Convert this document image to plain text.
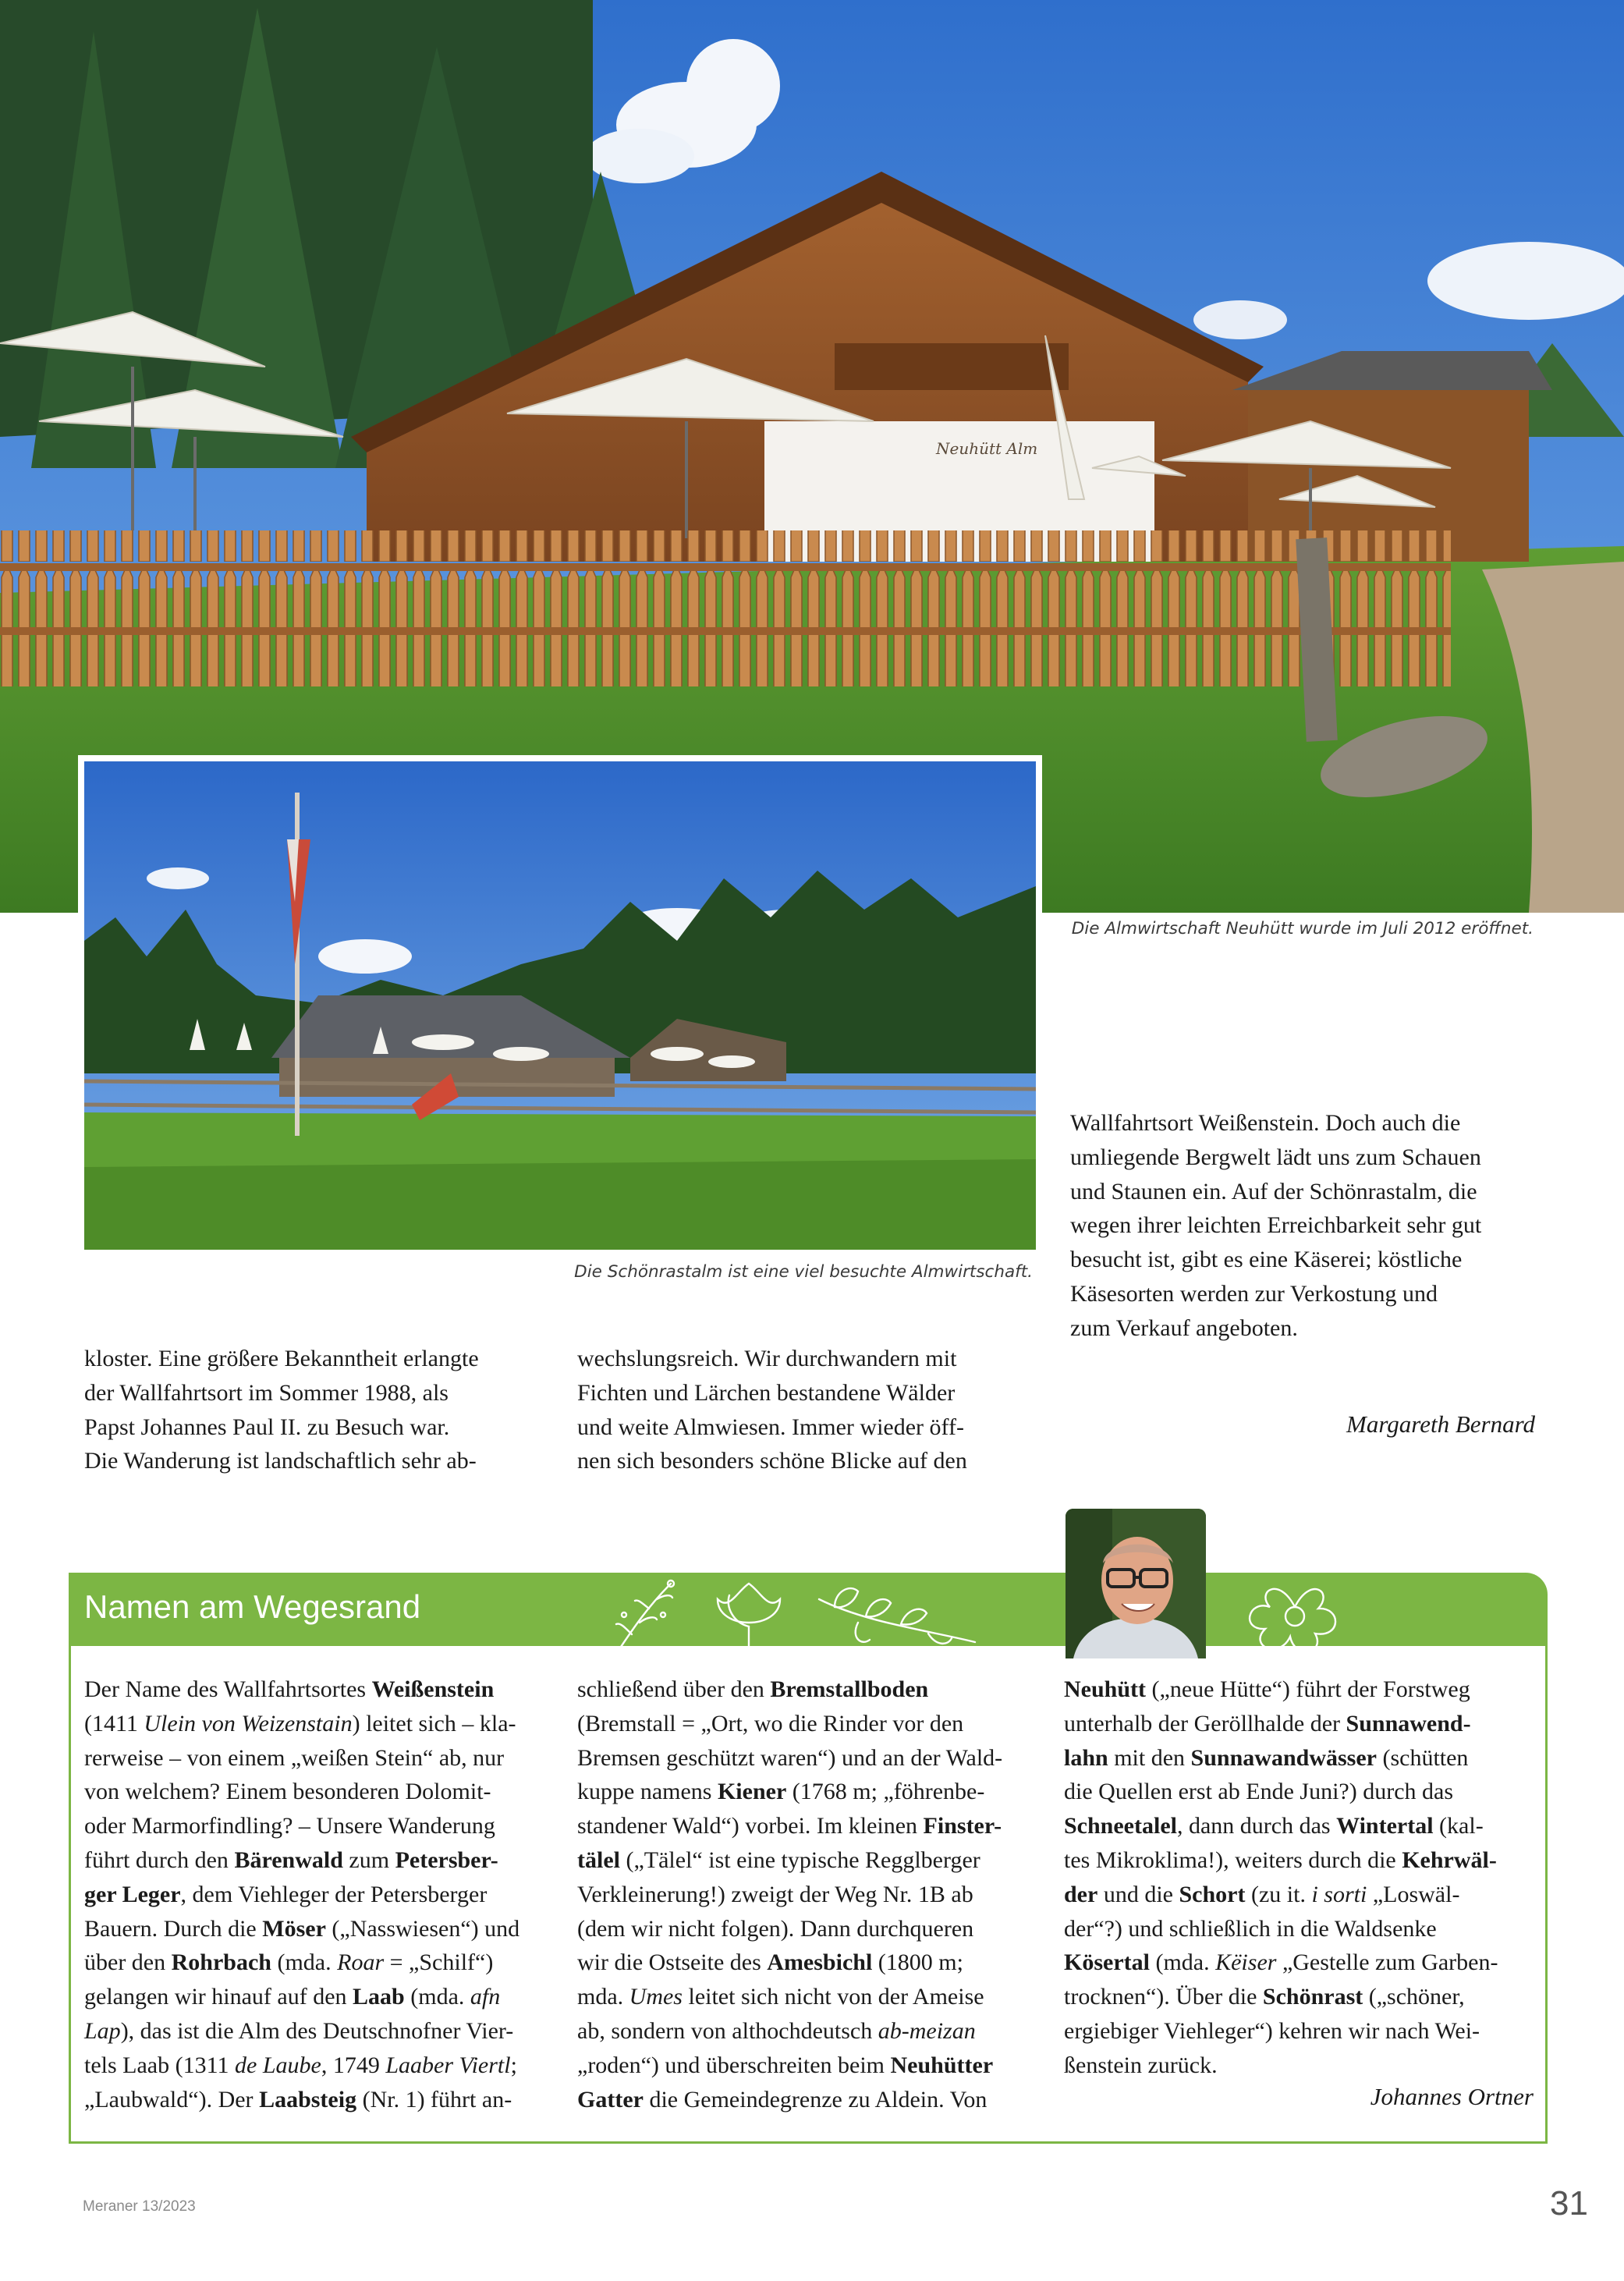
Neuhütt Alm
Die Almwirtschaft Neuhütt wurde im Juli 2012 eröffnet.
Die Schönrastalm ist eine viel besuchte Almwirtschaft.
kloster. Eine größere Bekanntheit erlangte
der Wallfahrtsort im Sommer 1988, als
Papst Johannes Paul II. zu Besuch war.
Die Wanderung ist landschaftlich sehr ab-
wechslungsreich. Wir durchwandern mit
Fichten und Lärchen bestandene Wälder
und weite Almwiesen. Immer wieder öff-
nen sich besonders schöne Blicke auf den
Wallfahrtsort Weißenstein. Doch auch die
umliegende Bergwelt lädt uns zum Schauen
und Staunen ein. Auf der Schönrastalm, die
wegen ihrer leichten Erreichbarkeit sehr gut
besucht ist, gibt es eine Käserei; köstliche
Käsesorten werden zur Verkostung und
zum Verkauf angeboten.
Margareth Bernard
Namen am Wegesrand
Der Name des Wallfahrtsortes Weißenstein
(1411 Ulein von Weizenstain) leitet sich – kla-
rerweise – von einem „weißen Stein“ ab, nur
von welchem? Einem besonderen Dolomit-
oder Marmorfindling? – Unsere Wanderung
führt durch den Bärenwald zum Petersber-
ger Leger, dem Viehleger der Petersberger
Bauern. Durch die Möser („Nasswiesen“) und
über den Rohrbach (mda. Roar = „Schilf“)
gelangen wir hinauf auf den Laab (mda. afn
Lap), das ist die Alm des Deutschnofner Vier-
tels Laab (1311 de Laube, 1749 Laaber Viertl;
„Laubwald“). Der Laabsteig (Nr. 1) führt an-
schließend über den Bremstallboden
(Bremstall = „Ort, wo die Rinder vor den
Bremsen geschützt waren“) und an der Wald-
kuppe namens Kiener (1768 m; „föhrenbe-
standener Wald“) vorbei. Im kleinen Finster-
tälel („Tälel“ ist eine typische Regglberger
Verkleinerung!) zweigt der Weg Nr. 1B ab
(dem wir nicht folgen). Dann durchqueren
wir die Ostseite des Amesbichl (1800 m;
mda. Umes leitet sich nicht von der Ameise
ab, sondern von althochdeutsch ab-meizan
„roden“) und überschreiten beim Neuhütter
Gatter die Gemeindegrenze zu Aldein. Von
Neuhütt („neue Hütte“) führt der Forstweg
unterhalb der Geröllhalde der Sunnawend-
lahn mit den Sunnawandwässer (schütten
die Quellen erst ab Ende Juni?) durch das
Schneetalel, dann durch das Wintertal (kal-
tes Mikroklima!), weiters durch die Kehrwäl-
der und die Schort (zu it. i sorti „Loswäl-
der“?) und schließlich in die Waldsenke
Kösertal (mda. Këiser „Gestelle zum Garben-
trocknen“). Über die Schönrast („schöner,
ergiebiger Viehleger“) kehren wir nach Wei-
ßenstein zurück.
Johannes Ortner
Meraner 13/2023	31
